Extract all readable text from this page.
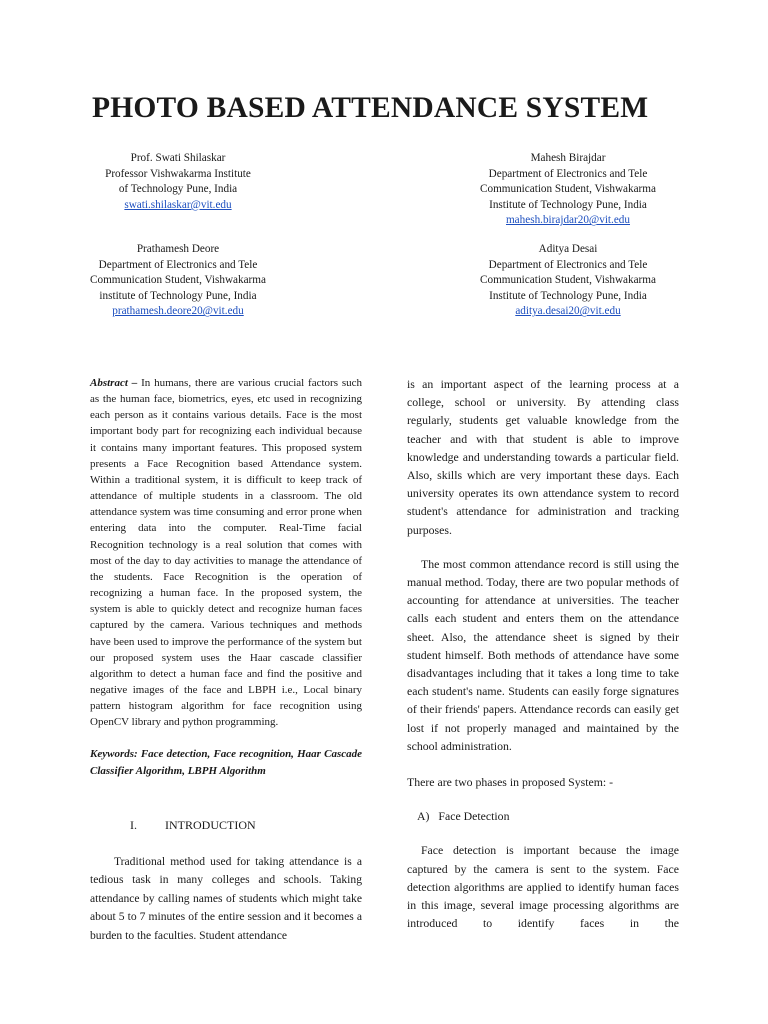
PHOTO BASED ATTENDANCE SYSTEM
Prof. Swati Shilaskar
Professor Vishwakarma Institute
of Technology Pune, India
swati.shilaskar@vit.edu
Mahesh Birajdar
Department of Electronics and Tele
Communication Student, Vishwakarma
Institute of Technology Pune, India
mahesh.birajdar20@vit.edu
Prathamesh Deore
Department of Electronics and Tele
Communication Student, Vishwakarma
institute of Technology Pune, India
prathamesh.deore20@vit.edu
Aditya Desai
Department of Electronics and Tele
Communication Student, Vishwakarma
Institute of Technology Pune, India
aditya.desai20@vit.edu

Abstract – In humans, there are various crucial factors such as the human face, biometrics, eyes, etc used in recognizing each person as it contains various details. Face is the most important body part for recognizing each individual because it contains many important features. This proposed system presents a Face Recognition based Attendance system. Within a traditional system, it is difficult to keep track of attendance of multiple students in a classroom. The old attendance system was time consuming and error prone when entering data into the computer. Real-Time facial Recognition technology is a real solution that comes with most of the day to day activities to manage the attendance of the students. Face Recognition is the operation of recognizing a human face. In the proposed system, the system is able to quickly detect and recognize human faces captured by the camera. Various techniques and methods have been used to improve the performance of the system but our proposed system uses the Haar cascade classifier algorithm to detect a human face and find the positive and negative images of the face and LBPH i.e., Local binary pattern histogram algorithm for face recognition using OpenCV library and python programming.

Keywords: Face detection, Face recognition, Haar Cascade Classifier Algorithm, LBPH Algorithm

I. INTRODUCTION

Traditional method used for taking attendance is a tedious task in many colleges and schools. Taking attendance by calling names of students which might take about 5 to 7 minutes of the entire session and it becomes a burden to the faculties. Student attendance

is an important aspect of the learning process at a college, school or university. By attending class regularly, students get valuable knowledge from the teacher and with that student is able to improve knowledge and understanding towards a particular field. Also, skills which are very important these days. Each university operates its own attendance system to record student's attendance for administration and tracking purposes.

The most common attendance record is still using the manual method. Today, there are two popular methods of accounting for attendance at universities. The teacher calls each student and enters them on the attendance sheet. Also, the attendance sheet is signed by their student himself. Both methods of attendance have some disadvantages including that it takes a long time to take each student's name. Students can easily forge signatures of their friends' papers. Attendance records can easily get lost if not properly managed and maintained by the school administration.

There are two phases in proposed System: -

A) Face Detection

Face detection is important because the image captured by the camera is sent to the system. Face detection algorithms are applied to identify human faces in this image, several image processing algorithms are introduced to identify faces in the
